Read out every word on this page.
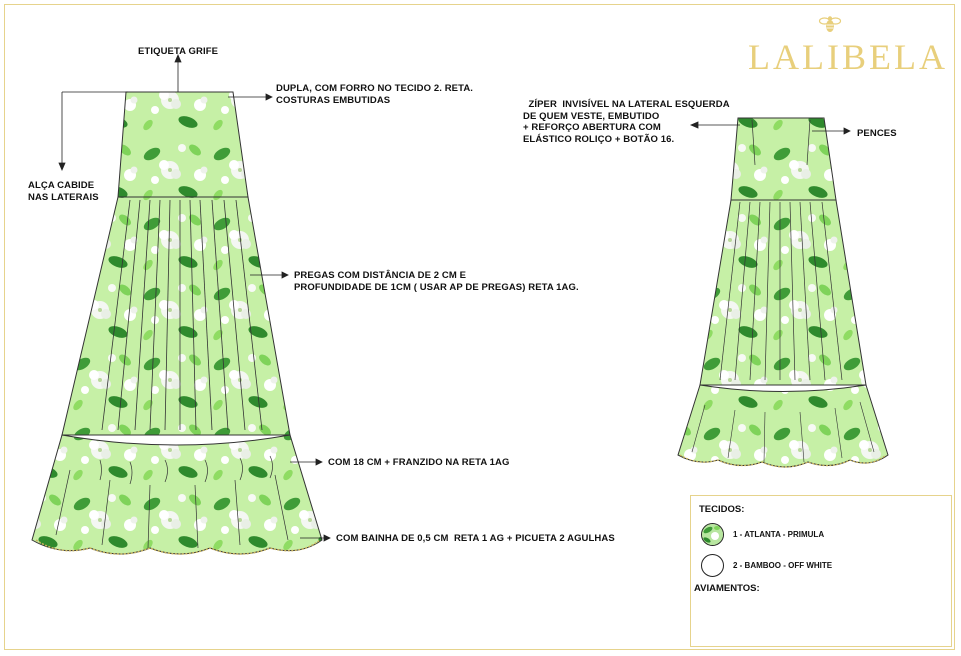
LALIBELA
ETIQUETA GRIFE
DUPLA, COM FORRO NO TECIDO 2. RETA.
COSTURAS EMBUTIDAS
ALÇA CABIDE
NAS LATERAIS
PREGAS COM DISTÂNCIA DE 2 CM E
PROFUNDIDADE DE 1CM ( USAR AP DE PREGAS) RETA 1AG.
COM 18 CM + FRANZIDO NA RETA 1AG
COM BAINHA DE 0,5 CM  RETA 1 AG + PICUETA 2 AGULHAS
ZÍPER  INVISÍVEL NA LATERAL ESQUERDA
DE QUEM VESTE, EMBUTIDO
+ REFORÇO ABERTURA COM
ELÁSTICO ROLIÇO + BOTÃO 16.	PENCES
TECIDOS:
1 - ATLANTA - PRIMULA
2 - BAMBOO - OFF WHITE
AVIAMENTOS:
